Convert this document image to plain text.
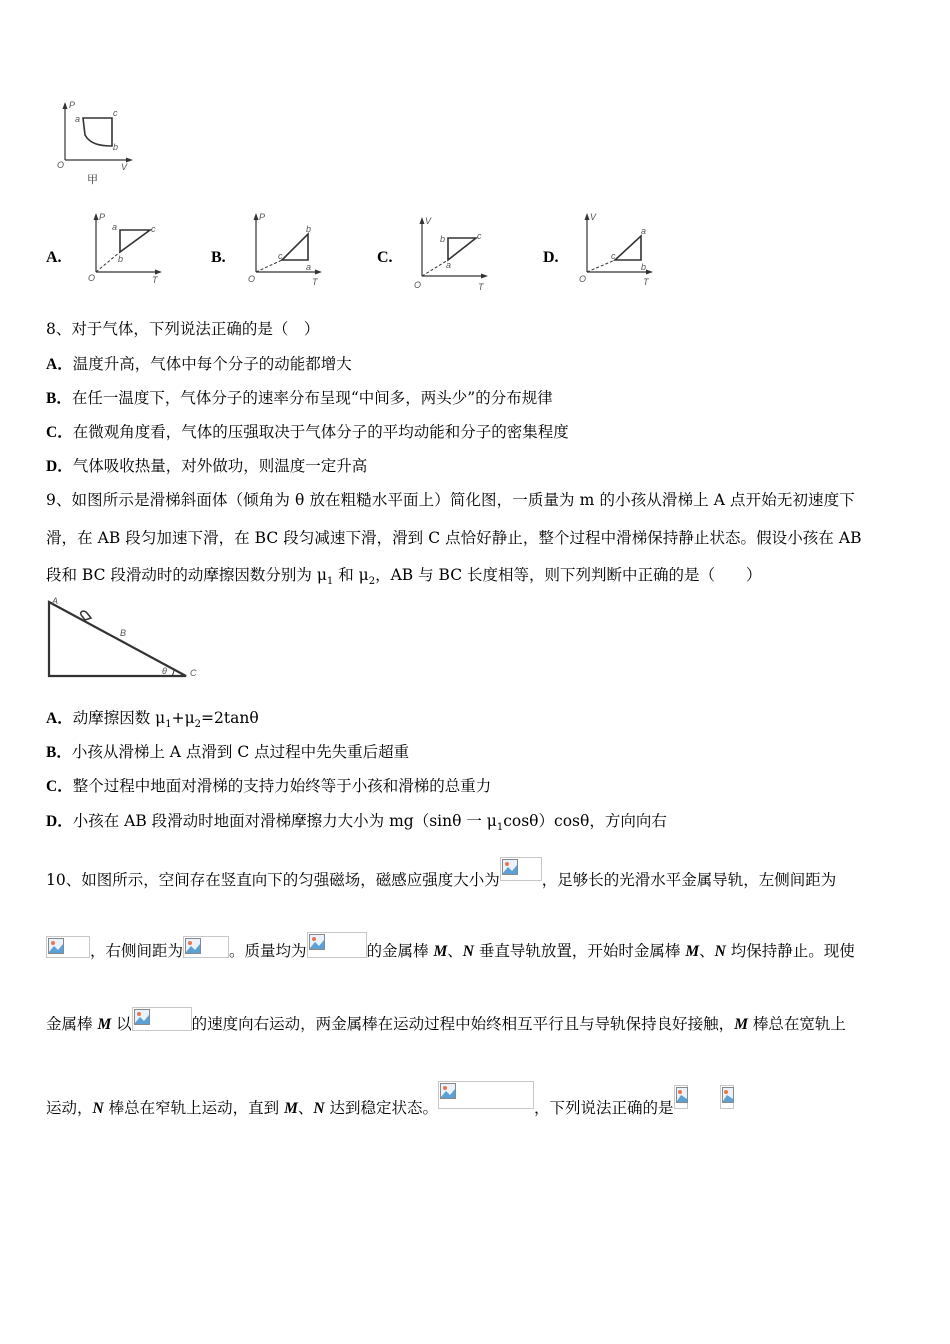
P
V
O
a
c
b
甲
A.
P
T
O
a	c
b	B.
P
T
O
b
c
a
C.
V
T
O
b	c
a	D.
V
T
O
a
c
b
8、对于气体，下列说法正确的是（　）
A．温度升高，气体中每个分子的动能都增大
B．在任一温度下，气体分子的速率分布呈现“中间多，两头少”的分布规律
C．在微观角度看，气体的压强取决于气体分子的平均动能和分子的密集程度
D．气体吸收热量，对外做功，则温度一定升高
9、如图所示是滑梯斜面体（倾角为 θ 放在粗糙水平面上）简化图，一质量为 m 的小孩从滑梯上 A 点开始无初速度下
滑，在 AB 段匀加速下滑，在 BC 段匀减速下滑，滑到 C 点恰好静止，整个过程中滑梯保持静止状态。假设小孩在 AB
段和 BC 段滑动时的动摩擦因数分别为 $\mu_1$ 和 $\mu_2$，AB 与 BC 长度相等，则下列判断中正确的是（　　）
A
B
C
θ
A．动摩擦因数 $\mu_1+\mu_2=2\tan\theta$
B．小孩从滑梯上 A 点滑到 C 点过程中先失重后超重
C．整个过程中地面对滑梯的支持力始终等于小孩和滑梯的总重力
D．小孩在 AB 段滑动时地面对滑梯摩擦力大小为 mg（sinθ 一 $\mu_1\cos\theta)\cos\theta$，方向向右
10、如图所示，空间存在竖直向下的匀强磁场，磁感应强度大小为	，足够长的光滑水平金属导轨，左侧间距为
，右侧间距为	。质量均为	的金属棒 M、N 垂直导轨放置，开始时金属棒 M、N 均保持静止。现使
金属棒 M 以	的速度向右运动，两金属棒在运动过程中始终相互平行且与导轨保持良好接触，M 棒总在宽轨上
运动，N 棒总在窄轨上运动，直到 M、N 达到稳定状态。	，下列说法正确的是
